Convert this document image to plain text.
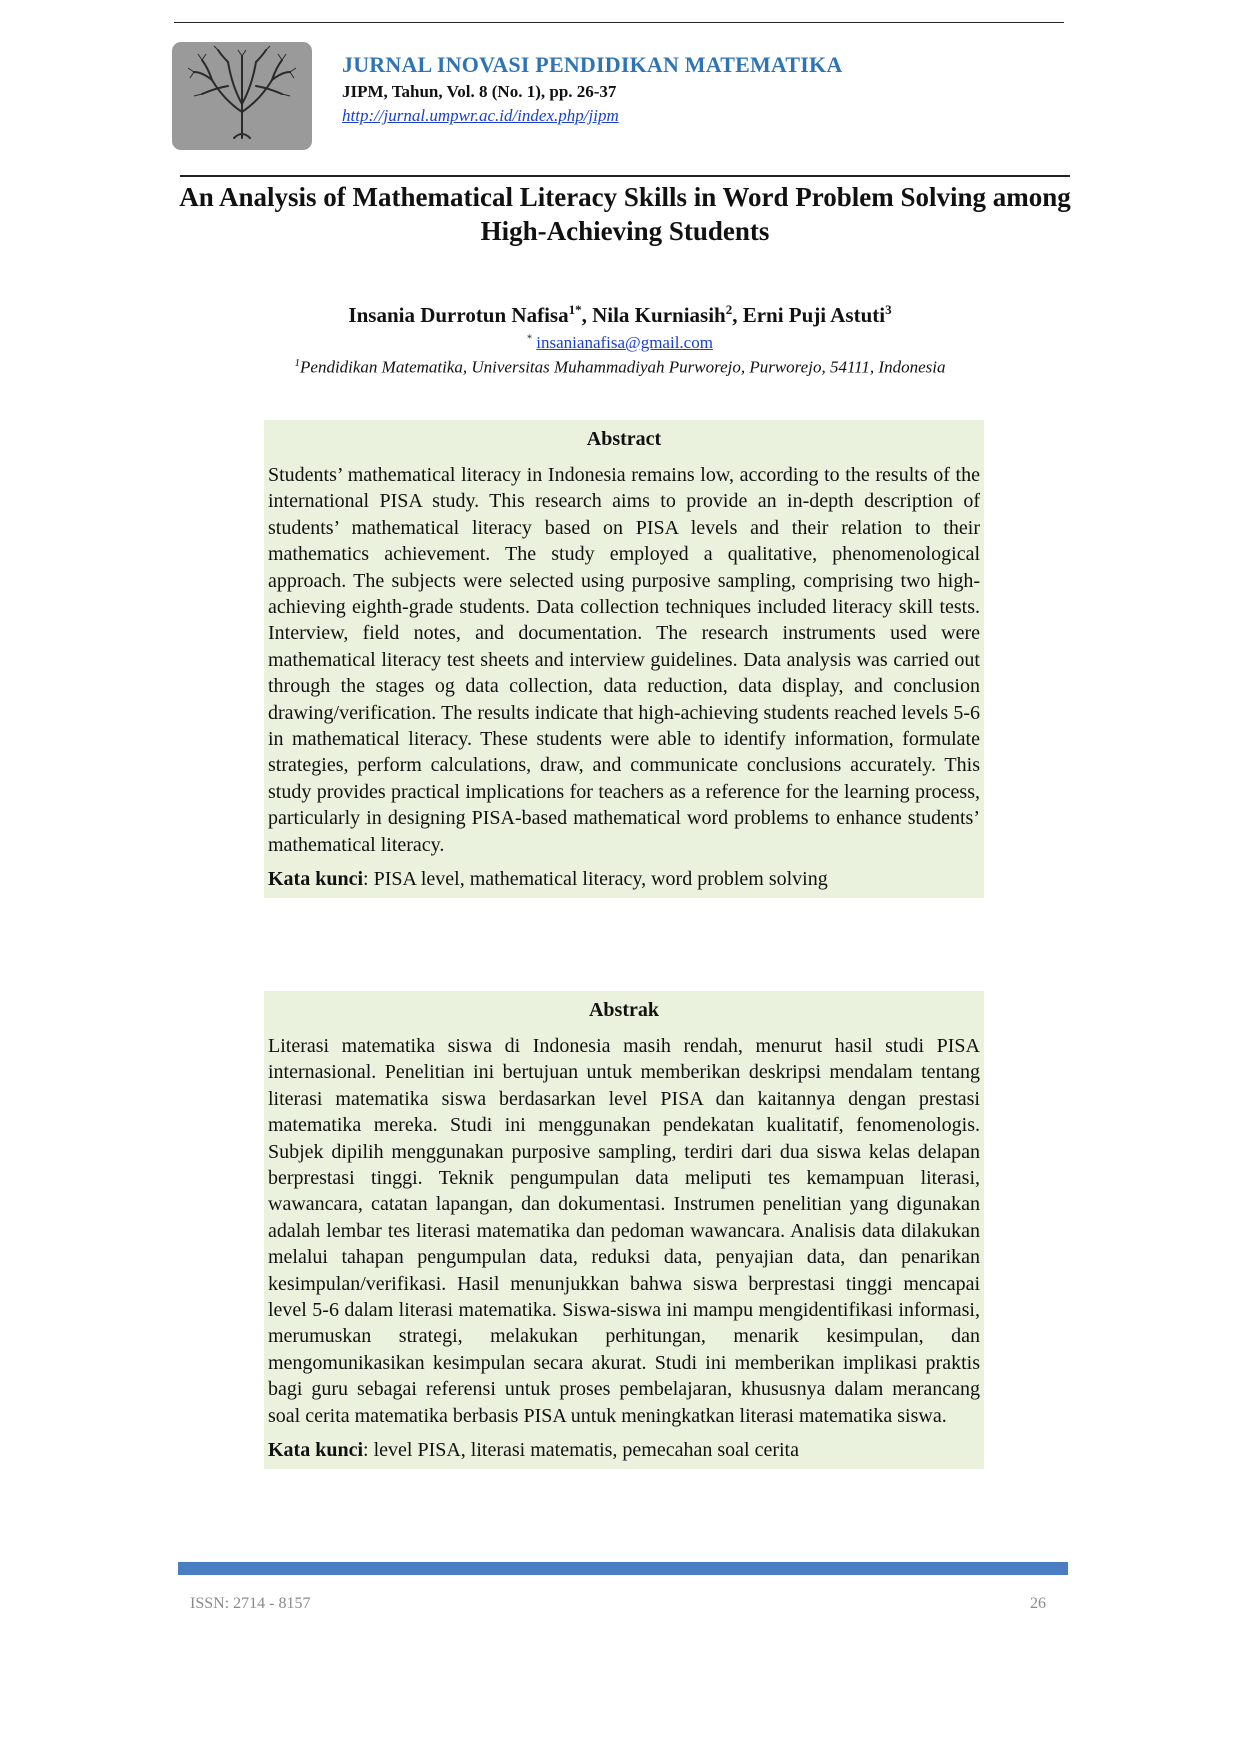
JURNAL INOVASI PENDIDIKAN MATEMATIKA
JIPM, Tahun, Vol. 8 (No. 1), pp. 26-37
http://jurnal.umpwr.ac.id/index.php/jipm
An Analysis of Mathematical Literacy Skills in Word Problem Solving among High-Achieving Students
Insania Durrotun Nafisa$^{1*}$, Nila Kurniasih$^2$, Erni Puji Astuti$^3$
* insanianafisa@gmail.com
$^1$Pendidikan Matematika, Universitas Muhammadiyah Purworejo, Purworejo, 54111, Indonesia
Abstract

Students’ mathematical literacy in Indonesia remains low, according to the results of the international PISA study. This research aims to provide an in-depth description of students’ mathematical literacy based on PISA levels and their relation to their mathematics achievement. The study employed a qualitative, phenomenological approach. The subjects were selected using purposive sampling, comprising two high-achieving eighth-grade students. Data collection techniques included literacy skill tests. Interview, field notes, and documentation. The research instruments used were mathematical literacy test sheets and interview guidelines. Data analysis was carried out through the stages og data collection, data reduction, data display, and conclusion drawing/verification. The results indicate that high-achieving students reached levels 5-6 in mathematical literacy. These students were able to identify information, formulate strategies, perform calculations, draw, and communicate conclusions accurately. This study provides practical implications for teachers as a reference for the learning process, particularly in designing PISA-based mathematical word problems to enhance students’ mathematical literacy.

Kata kunci: PISA level, mathematical literacy, word problem solving

Abstrak

Literasi matematika siswa di Indonesia masih rendah, menurut hasil studi PISA internasional. Penelitian ini bertujuan untuk memberikan deskripsi mendalam tentang literasi matematika siswa berdasarkan level PISA dan kaitannya dengan prestasi matematika mereka. Studi ini menggunakan pendekatan kualitatif, fenomenologis. Subjek dipilih menggunakan purposive sampling, terdiri dari dua siswa kelas delapan berprestasi tinggi. Teknik pengumpulan data meliputi tes kemampuan literasi, wawancara, catatan lapangan, dan dokumentasi. Instrumen penelitian yang digunakan adalah lembar tes literasi matematika dan pedoman wawancara. Analisis data dilakukan melalui tahapan pengumpulan data, reduksi data, penyajian data, dan penarikan kesimpulan/verifikasi. Hasil menunjukkan bahwa siswa berprestasi tinggi mencapai level 5-6 dalam literasi matematika. Siswa-siswa ini mampu mengidentifikasi informasi, merumuskan strategi, melakukan perhitungan, menarik kesimpulan, dan mengomunikasikan kesimpulan secara akurat. Studi ini memberikan implikasi praktis bagi guru sebagai referensi untuk proses pembelajaran, khususnya dalam merancang soal cerita matematika berbasis PISA untuk meningkatkan literasi matematika siswa.

Kata kunci: level PISA, literasi matematis, pemecahan soal cerita

ISSN: 2714 - 8157	26
